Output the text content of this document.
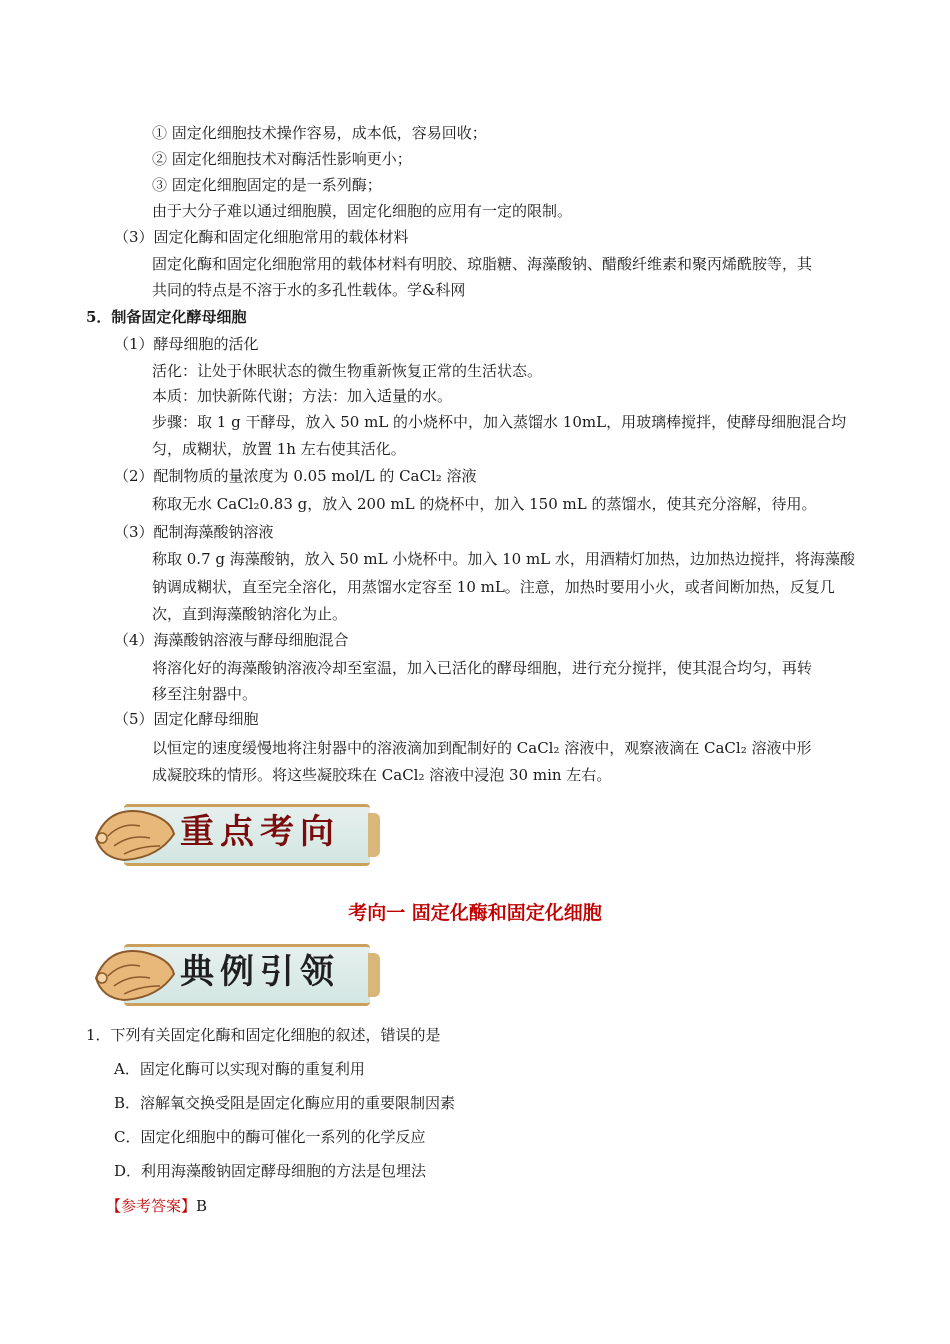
① 固定化细胞技术操作容易，成本低，容易回收；
② 固定化细胞技术对酶活性影响更小；
③ 固定化细胞固定的是一系列酶；
由于大分子难以通过细胞膜，固定化细胞的应用有一定的限制。
（3）固定化酶和固定化细胞常用的载体材料
固定化酶和固定化细胞常用的载体材料有明胶、琼脂糖、海藻酸钠、醋酸纤维素和聚丙烯酰胺等，其
共同的特点是不溶于水的多孔性载体。学&科网
5．制备固定化酵母细胞
（1）酵母细胞的活化
活化：让处于休眠状态的微生物重新恢复正常的生活状态。
本质：加快新陈代谢；方法：加入适量的水。
步骤：取 1 g 干酵母，放入 50 mL 的小烧杯中，加入蒸馏水 10mL，用玻璃棒搅拌，使酵母细胞混合均
匀，成糊状，放置 1h 左右使其活化。
（2）配制物质的量浓度为 0.05 mol/L 的 CaCl₂ 溶液
称取无水 CaCl₂0.83 g，放入 200 mL 的烧杯中，加入 150 mL 的蒸馏水，使其充分溶解，待用。
（3）配制海藻酸钠溶液
称取 0.7 g 海藻酸钠，放入 50 mL 小烧杯中。加入 10 mL 水，用酒精灯加热，边加热边搅拌，将海藻酸
钠调成糊状，直至完全溶化，用蒸馏水定容至 10 mL。注意，加热时要用小火，或者间断加热，反复几
次，直到海藻酸钠溶化为止。
（4）海藻酸钠溶液与酵母细胞混合
将溶化好的海藻酸钠溶液冷却至室温，加入已活化的酵母细胞，进行充分搅拌，使其混合均匀，再转
移至注射器中。
（5）固定化酵母细胞
以恒定的速度缓慢地将注射器中的溶液滴加到配制好的 CaCl₂ 溶液中，观察液滴在 CaCl₂ 溶液中形
成凝胶珠的情形。将这些凝胶珠在 CaCl₂ 溶液中浸泡 30 min 左右。
重点考向
考向一 固定化酶和固定化细胞
典例引领
1．下列有关固定化酶和固定化细胞的叙述，错误的是
A．固定化酶可以实现对酶的重复利用
B．溶解氧交换受阻是固定化酶应用的重要限制因素
C．固定化细胞中的酶可催化一系列的化学反应
D．利用海藻酸钠固定酵母细胞的方法是包埋法
【参考答案】B
